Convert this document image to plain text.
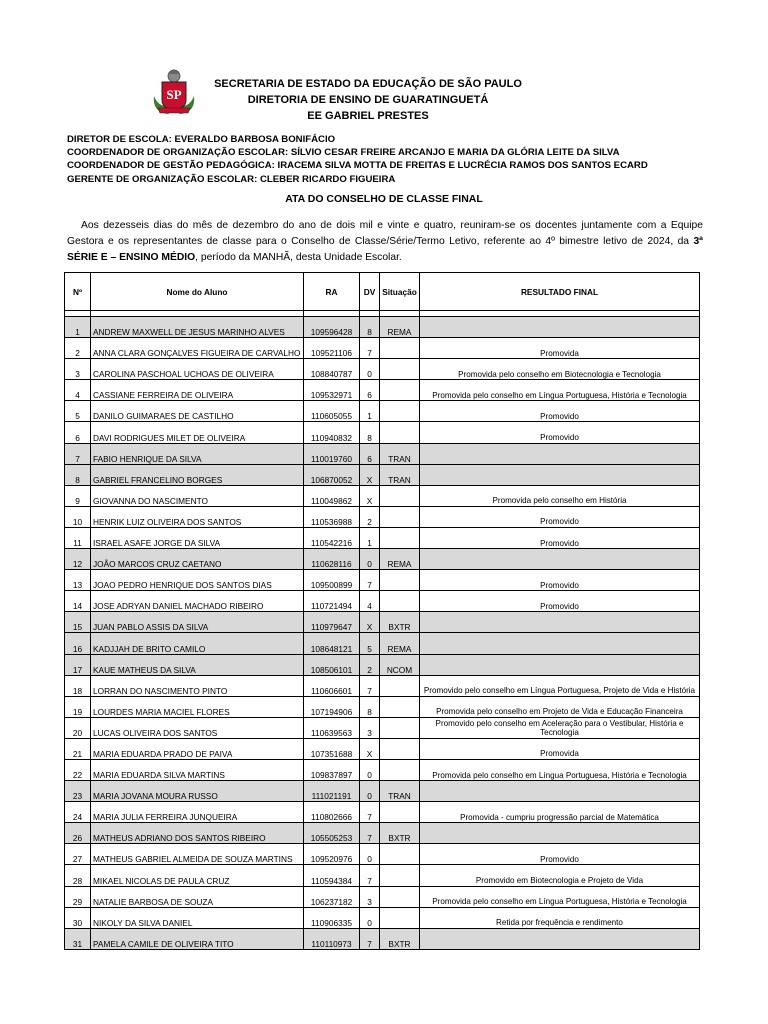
SP
SECRETARIA DE ESTADO DA EDUCAÇÃO DE SÃO PAULO
DIRETORIA DE ENSINO DE GUARATINGUETÁ
EE GABRIEL PRESTES
DIRETOR DE ESCOLA: EVERALDO BARBOSA BONIFÁCIO
COORDENADOR DE ORGANIZAÇÃO ESCOLAR: SÍLVIO CESAR FREIRE ARCANJO E MARIA DA GLÓRIA LEITE DA SILVA
COORDENADOR DE GESTÃO PEDAGÓGICA: IRACEMA SILVA MOTTA DE FREITAS E LUCRÉCIA RAMOS DOS SANTOS ECARD
GERENTE DE ORGANIZAÇÃO ESCOLAR: CLEBER RICARDO FIGUEIRA
ATA DO CONSELHO DE CLASSE FINAL

Aos dezesseis dias do mês de dezembro do ano de dois mil e vinte e quatro, reuniram-se os docentes juntamente com a Equipe Gestora e os representantes de classe para o Conselho de Classe/Série/Termo Letivo, referente ao 4º bimestre letivo de 2024, da 3ª SÉRIE E – ENSINO MÉDIO, período da MANHÃ, desta Unidade Escolar.

Nº	Nome do Aluno	RA	DV	Situação	RESULTADO FINAL

1	ANDREW MAXWELL DE JESUS MARINHO ALVES	109596428	8	REMA	
2	ANNA CLARA GONÇALVES FIGUEIRA DE CARVALHO	109521106	7		Promovida
3	CAROLINA PASCHOAL UCHOAS DE OLIVEIRA	108840787	0		Promovida pelo conselho em Biotecnologia e Tecnologia
4	CASSIANE FERREIRA DE OLIVEIRA	109532971	6		Promovida pelo conselho em Língua Portuguesa, História e Tecnologia
5	DANILO GUIMARAES DE CASTILHO	110605055	1		Promovido
6	DAVI RODRIGUES MILET DE OLIVEIRA	110940832	8		Promovido
7	FABIO HENRIQUE DA SILVA	110019760	6	TRAN	
8	GABRIEL FRANCELINO BORGES	106870052	X	TRAN	
9	GIOVANNA DO NASCIMENTO	110049862	X		Promovida pelo conselho em História
10	HENRIK LUIZ OLIVEIRA DOS SANTOS	110536988	2		Promovido
11	ISRAEL ASAFE JORGE DA SILVA	110542216	1		Promovido
12	JOÃO MARCOS CRUZ CAETANO	110628116	0	REMA	
13	JOAO PEDRO HENRIQUE DOS SANTOS DIAS	109500899	7		Promovido
14	JOSE ADRYAN DANIEL MACHADO RIBEIRO	110721494	4		Promovido
15	JUAN PABLO ASSIS DA SILVA	110979647	X	BXTR	
16	KADJJAH DE BRITO CAMILO	108648121	5	REMA	
17	KAUE MATHEUS DA SILVA	108506101	2	NCOM	
18	LORRAN DO NASCIMENTO PINTO	110606601	7		Promovido pelo conselho em Língua Portuguesa, Projeto de Vida e História
19	LOURDES MARIA MACIEL FLORES	107194906	8		Promovida pelo conselho em Projeto de Vida e Educação Financeira
20	LUCAS OLIVEIRA DOS SANTOS	110639563	3		Promovido pelo conselho em Aceleração para o Vestibular, História e Tecnologia
21	MARIA EDUARDA PRADO DE PAIVA	107351688	X		Promovida
22	MARIA EDUARDA SILVA MARTINS	109837897	0		Promovida pelo conselho em Língua Portuguesa, História e Tecnologia
23	MARIA JOVANA MOURA RUSSO	111021191	0	TRAN	
24	MARIA JULIA FERREIRA JUNQUEIRA	110802666	7		Promovida - cumpriu progressão parcial de Matemática
26	MATHEUS ADRIANO DOS SANTOS RIBEIRO	105505253	7	BXTR	
27	MATHEUS GABRIEL ALMEIDA DE SOUZA MARTINS	109520976	0		Promovido
28	MIKAEL NICOLAS DE PAULA CRUZ	110594384	7		Promovido em Biotecnologia e Projeto de Vida
29	NATALIE BARBOSA DE SOUZA	106237182	3		Promovida pelo conselho em Língua Portuguesa, História e Tecnologia
30	NIKOLY DA SILVA DANIEL	110906335	0		Retida por frequência e rendimento
31	PAMELA CAMILE DE OLIVEIRA TITO	110110973	7	BXTR	
